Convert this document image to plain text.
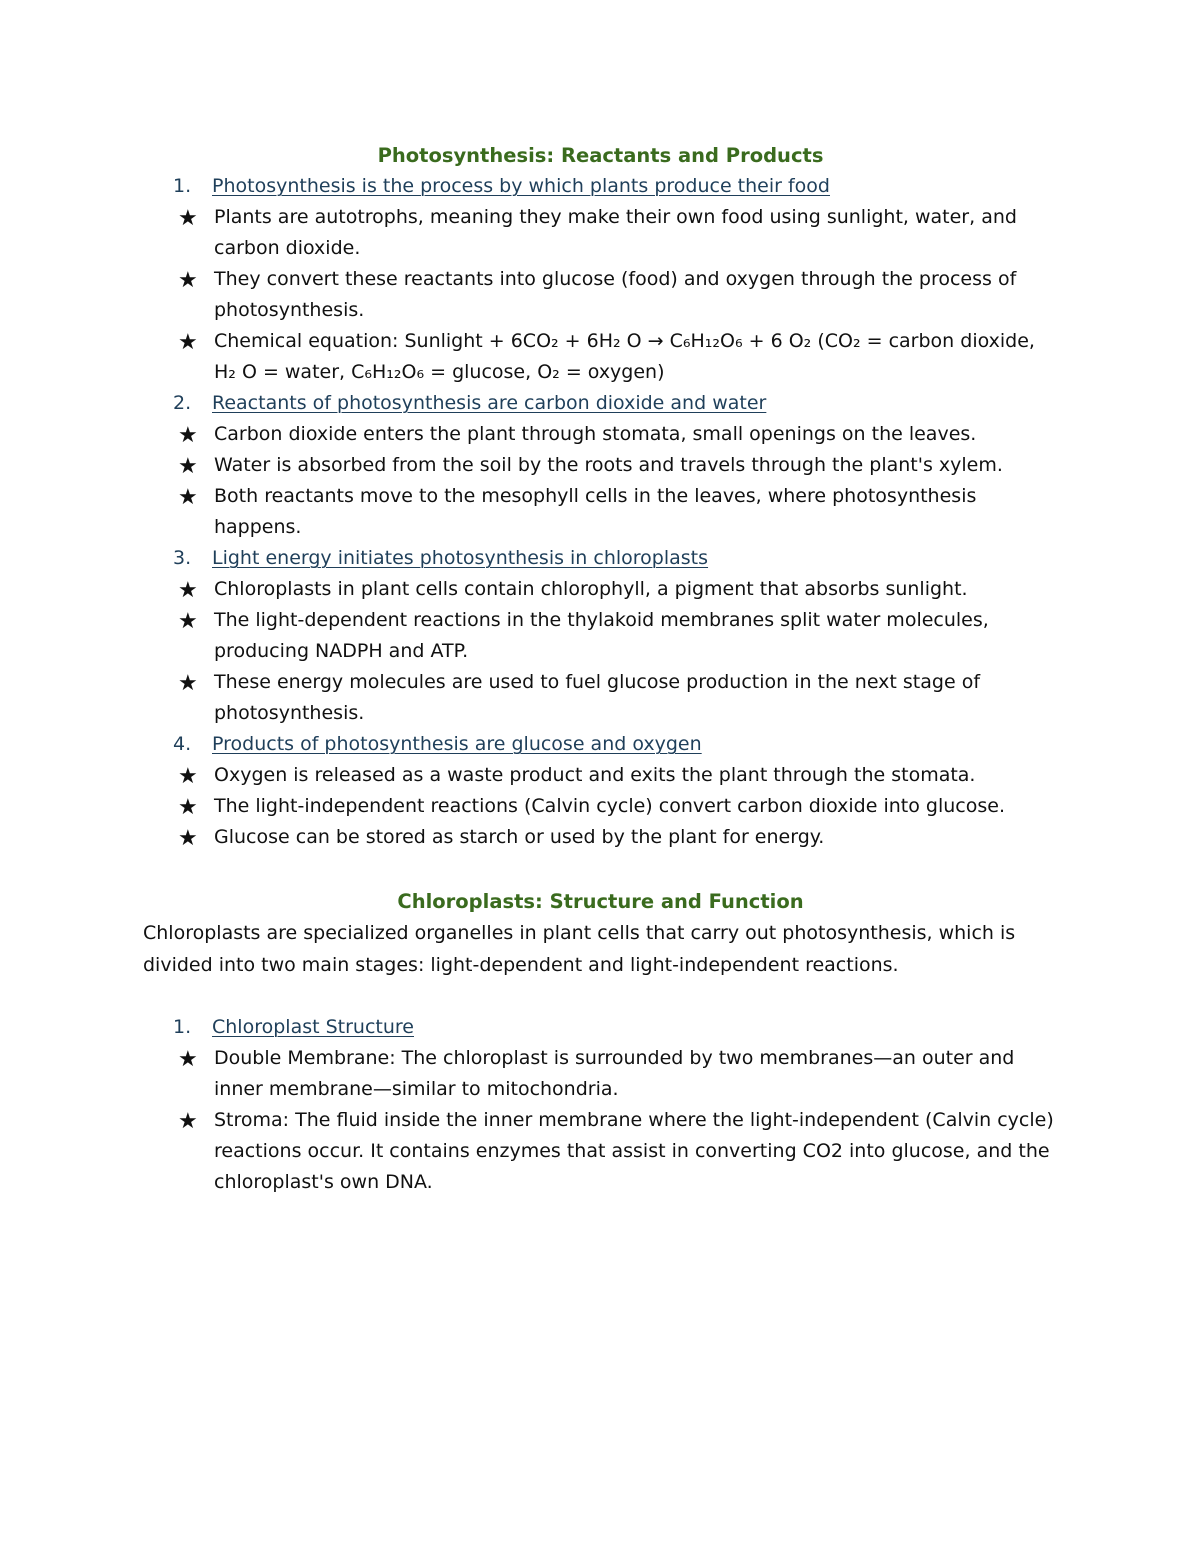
Photosynthesis: Reactants and Products

1.	Photosynthesis is the process by which plants produce their food

★ Plants are autotrophs, meaning they make their own food using sunlight, water, and carbon dioxide.
★ They convert these reactants into glucose (food) and oxygen through the process of photosynthesis.
★ Chemical equation: Sunlight + 6CO₂ + 6H₂ O → C₆H₁₂O₆ + 6 O₂ (CO₂ = carbon dioxide, H₂ O = water, C₆H₁₂O₆ = glucose, O₂ = oxygen)

2.	Reactants of photosynthesis are carbon dioxide and water

★ Carbon dioxide enters the plant through stomata, small openings on the leaves.
★ Water is absorbed from the soil by the roots and travels through the plant's xylem.
★ Both reactants move to the mesophyll cells in the leaves, where photosynthesis happens.

3.	Light energy initiates photosynthesis in chloroplasts

★ Chloroplasts in plant cells contain chlorophyll, a pigment that absorbs sunlight.
★ The light-dependent reactions in the thylakoid membranes split water molecules, producing NADPH and ATP.
★ These energy molecules are used to fuel glucose production in the next stage of photosynthesis.

4.	Products of photosynthesis are glucose and oxygen

★ Oxygen is released as a waste product and exits the plant through the stomata.
★ The light-independent reactions (Calvin cycle) convert carbon dioxide into glucose.
★ Glucose can be stored as starch or used by the plant for energy.
Chloroplasts: Structure and Function

Chloroplasts are specialized organelles in plant cells that carry out photosynthesis, which is divided into two main stages: light-dependent and light-independent reactions.

1.	Chloroplast Structure

★ Double Membrane: The chloroplast is surrounded by two membranes—an outer and inner membrane—similar to mitochondria.
★ Stroma: The fluid inside the inner membrane where the light-independent (Calvin cycle) reactions occur. It contains enzymes that assist in converting CO2 into glucose, and the chloroplast's own DNA.
